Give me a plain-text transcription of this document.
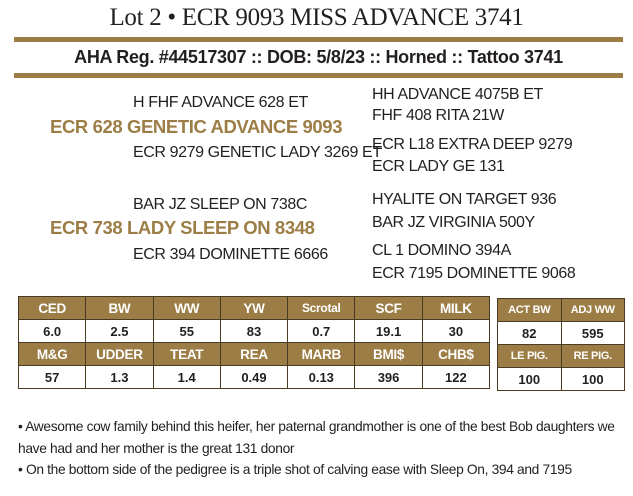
Lot 2 • ECR 9093 MISS ADVANCE 3741
AHA Reg. #44517307 :: DOB: 5/8/23 :: Horned :: Tattoo 3741
H FHF ADVANCE 628 ET
ECR 628 GENETIC ADVANCE 9093
ECR 9279 GENETIC LADY 3269 ET
HH ADVANCE 4075B ET
FHF 408 RITA 21W
ECR L18 EXTRA DEEP 9279
ECR LADY GE 131
BAR JZ SLEEP ON 738C
ECR 738 LADY SLEEP ON 8348
ECR 394 DOMINETTE 6666
HYALITE ON TARGET 936
BAR JZ VIRGINIA 500Y
CL 1 DOMINO 394A
ECR 7195 DOMINETTE 9068
CED	BW	WW	YW	Scrotal	SCF	MILK
6.0	2.5	55	83	0.7	19.1	30
M&G	UDDER	TEAT	REA	MARB	BMI$	CHB$
57	1.3	1.4	0.49	0.13	396	122
ACT BW	ADJ WW
82	595
LE PIG.	RE PIG.
100	100

• Awesome cow family behind this heifer, her paternal grandmother is one of the best Bob daughters we have had and her mother is the great 131 donor

• On the bottom side of the pedigree is a triple shot of calving ease with Sleep On, 394 and 7195
